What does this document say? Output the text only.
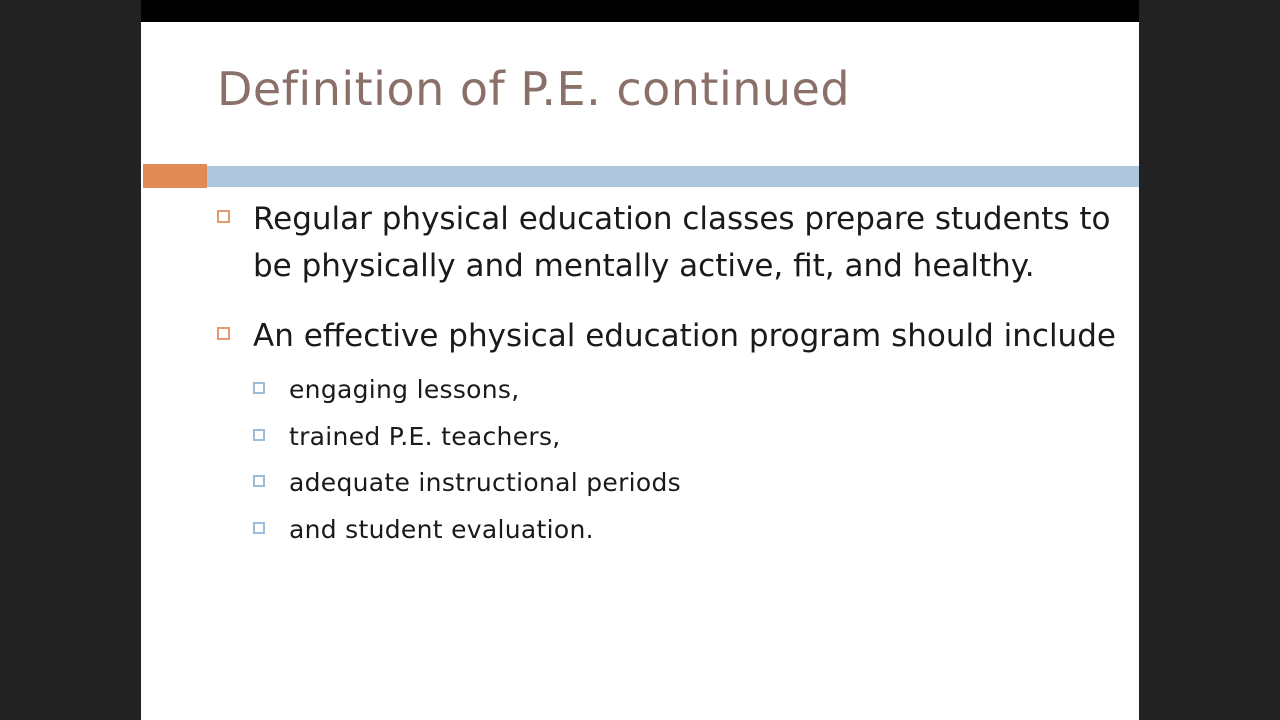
Definition of P.E. continued
Regular physical education classes prepare students to be physically and mentally active, fit, and healthy.
An effective physical education program should include
engaging lessons,
trained P.E. teachers,
adequate instructional periods
and student evaluation.
